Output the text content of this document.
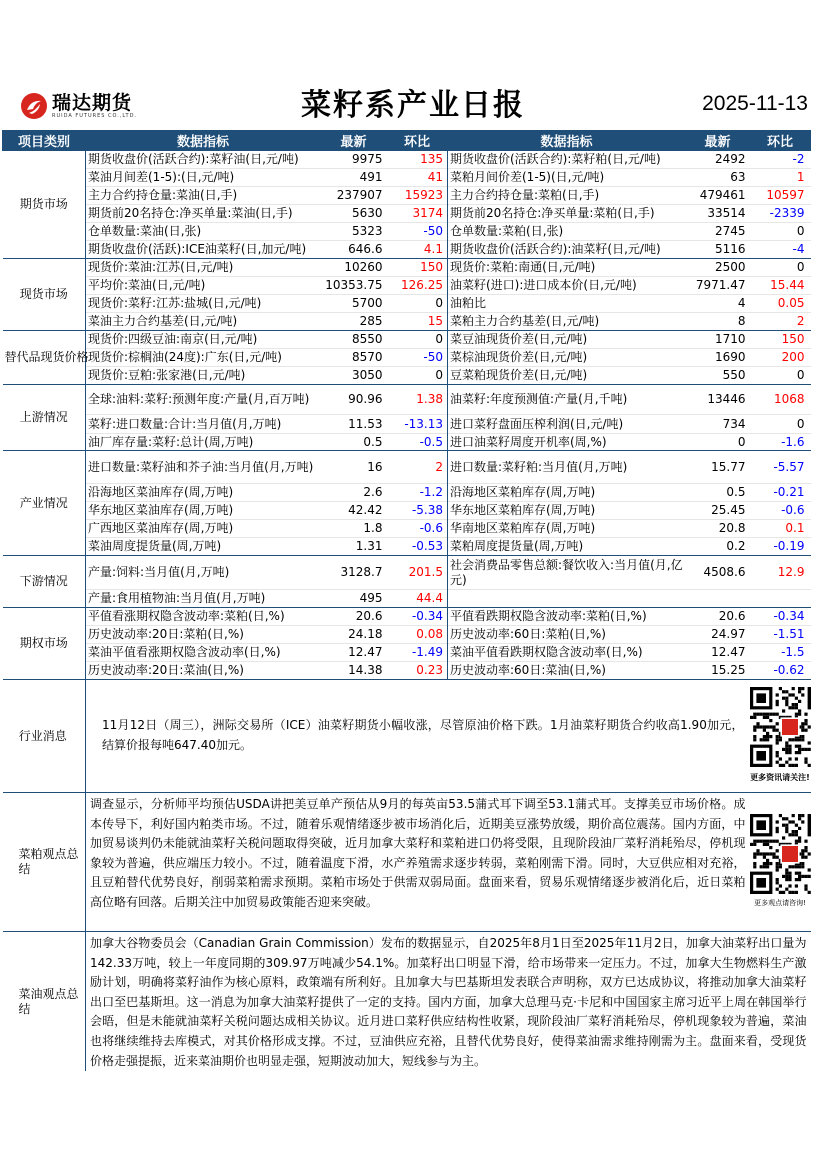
瑞达期货
RUIDA FUTURES CO.,LTD.	菜籽系产业日报	2025-11-13
项目类别	数据指标	最新	环比	数据指标	最新	环比
期货市场	期货收盘价(活跃合约):菜籽油(日,元/吨)	9975	135	期货收盘价(活跃合约):菜籽粕(日,元/吨)	2492	-2
	菜油月间差(1-5):(日,元/吨)	491	41	菜粕月间价差(1-5)(日,元/吨)	63	1
	主力合约持仓量:菜油(日,手)	237907	15923	主力合约持仓量:菜粕(日,手)	479461	10597
	期货前20名持仓:净买单量:菜油(日,手)	5630	3174	期货前20名持仓:净买单量:菜粕(日,手)	33514	-2339
	仓单数量:菜油(日,张)	5323	-50	仓单数量:菜粕(日,张)	2745	0
	期货收盘价(活跃):ICE油菜籽(日,加元/吨)	646.6	4.1	期货收盘价(活跃合约):油菜籽(日,元/吨)	5116	-4
现货市场	现货价:菜油:江苏(日,元/吨)	10260	150	现货价:菜粕:南通(日,元/吨)	2500	0
	平均价:菜油(日,元/吨)	10353.75	126.25	油菜籽(进口):进口成本价(日,元/吨)	7971.47	15.44
	现货价:菜籽:江苏:盐城(日,元/吨)	5700	0	油粕比	4	0.05
	菜油主力合约基差(日,元/吨)	285	15	菜粕主力合约基差(日,元/吨)	8	2
替代品现货价格	现货价:四级豆油:南京(日,元/吨)	8550	0	菜豆油现货价差(日,元/吨)	1710	150
	现货价:棕榈油(24度):广东(日,元/吨)	8570	-50	菜棕油现货价差(日,元/吨)	1690	200
	现货价:豆粕:张家港(日,元/吨)	3050	0	豆菜粕现货价差(日,元/吨)	550	0
上游情况	全球:油料:菜籽:预测年度:产量(月,百万吨)	90.96	1.38	油菜籽:年度预测值:产量(月,千吨)	13446	1068
	菜籽:进口数量:合计:当月值(月,万吨)	11.53	-13.13	进口菜籽盘面压榨利润(日,元/吨)	734	0
	油厂库存量:菜籽:总计(周,万吨)	0.5	-0.5	进口油菜籽周度开机率(周,%)	0	-1.6
产业情况	进口数量:菜籽油和芥子油:当月值(月,万吨)	16	2	进口数量:菜籽粕:当月值(月,万吨)	15.77	-5.57
	沿海地区菜油库存(周,万吨)	2.6	-1.2	沿海地区菜粕库存(周,万吨)	0.5	-0.21
	华东地区菜油库存(周,万吨)	42.42	-5.38	华东地区菜粕库存(周,万吨)	25.45	-0.6
	广西地区菜油库存(周,万吨)	1.8	-0.6	华南地区菜粕库存(周,万吨)	20.8	0.1
	菜油周度提货量(周,万吨)	1.31	-0.53	菜粕周度提货量(周,万吨)	0.2	-0.19
下游情况	产量:饲料:当月值(月,万吨)	3128.7	201.5	社会消费品零售总额:餐饮收入:当月值(月,亿元)	4508.6	12.9
	产量:食用植物油:当月值(月,万吨)	495	44.4			
期权市场	平值看涨期权隐含波动率:菜粕(日,%)	20.6	-0.34	平值看跌期权隐含波动率:菜粕(日,%)	20.6	-0.34
	历史波动率:20日:菜粕(日,%)	24.18	0.08	历史波动率:60日:菜粕(日,%)	24.97	-1.51
	菜油平值看涨期权隐含波动率(日,%)	12.47	-1.49	菜油平值看跌期权隐含波动率(日,%)	12.47	-1.5
	历史波动率:20日:菜油(日,%)	14.38	0.23	历史波动率:60日:菜油(日,%)	15.25	-0.62
行业消息	11月12日（周三），洲际交易所（ICE）油菜籽期货小幅收涨，尽管原油价格下跌。1月油菜籽期货合约收高1.90加元，结算价报每吨647.40加元。					更多资讯请关注!

菜粕观点总结	调查显示，分析师平均预估USDA讲把美豆单产预估从9月的每英亩53.5蒲式耳下调至53.1蒲式耳。支撑美豆市场价格。成本传导下，利好国内粕类市场。不过，随着乐观情绪逐步被市场消化后，近期美豆涨势放缓，期价高位震荡。国内方面，中加贸易谈判仍未能就油菜籽关税问题取得突破，近月加拿大菜籽和菜粕进口仍将受限，且现阶段油厂菜籽消耗殆尽，停机现象较为普遍，供应端压力较小。不过，随着温度下滑，水产养殖需求逐步转弱，菜粕刚需下滑。同时，大豆供应相对充裕，且豆粕替代优势良好，削弱菜粕需求预期。菜粕市场处于供需双弱局面。盘面来看，贸易乐观情绪逐步被消化后，近日菜粕高位略有回落。后期关注中加贸易政策能否迎来突破。					更多观点请咨询!

菜油观点总结	加拿大谷物委员会（Canadian Grain Commission）发布的数据显示，自2025年8月1日至2025年11月2日，加拿大油菜籽出口量为142.33万吨，较上一年度同期的309.97万吨减少54.1%。加菜籽出口明显下滑，给市场带来一定压力。不过，加拿大生物燃料生产激励计划，明确将菜籽油作为核心原料，政策端有所利好。且加拿大与巴基斯坦发表联合声明称，双方已达成协议，将推动加拿大油菜籽出口至巴基斯坦。这一消息为加拿大油菜籽提供了一定的支持。国内方面，加拿大总理马克·卡尼和中国国家主席习近平上周在韩国举行会晤，但是未能就油菜籽关税问题达成相关协议。近月进口菜籽供应结构性收紧，现阶段油厂菜籽消耗殆尽，停机现象较为普遍，菜油也将继续维持去库模式，对其价格形成支撑。不过，豆油供应充裕，且替代优势良好，使得菜油需求维持刚需为主。盘面来看，受现货价格走强提振，近来菜油期价也明显走强，短期波动加大，短线参与为主。					
